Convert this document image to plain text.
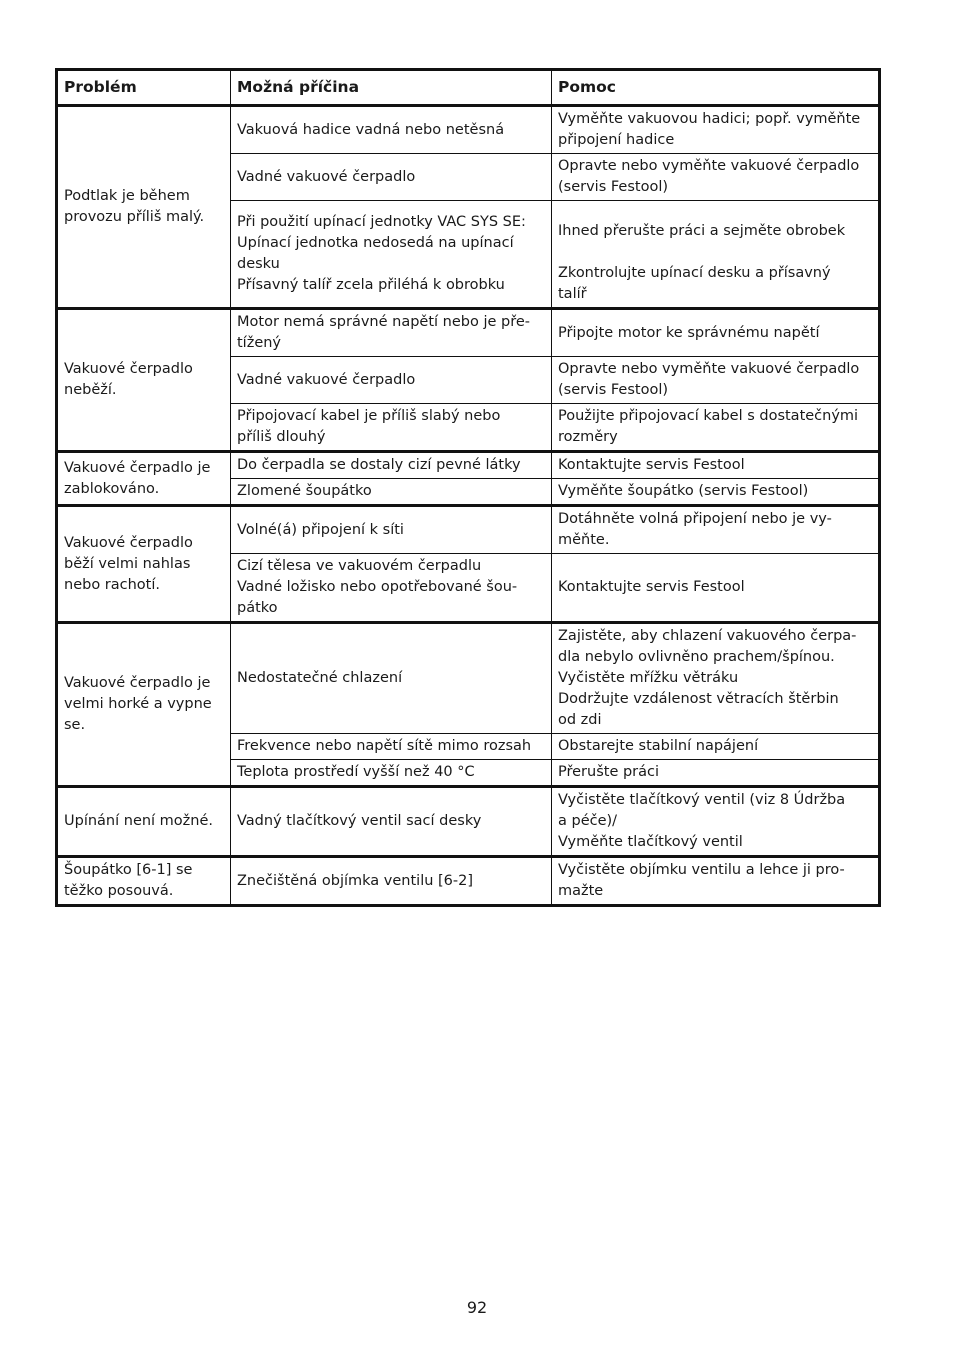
Problém	Možná příčina	Pomoc

Podtlak je během
provozu příliš malý.	Vakuová hadice vadná nebo netěsná	Vyměňte vakuovou hadici; popř. vyměňte
připojení hadice

	Vadné vakuové čerpadlo	Opravte nebo vyměňte vakuové čerpadlo
(servis Festool)

	Při použití upínací jednotky VAC SYS SE:
Upínací jednotka nedosedá na upínací
desku
Přísavný talíř zcela přiléhá k obrobku	Ihned přerušte práci a sejměte obrobek
Zkontrolujte upínací desku a přísavný
talíř

Vakuové čerpadlo
neběží.	Motor nemá správné napětí nebo je pře-
tížený	Připojte motor ke správnému napětí

	Vadné vakuové čerpadlo	Opravte nebo vyměňte vakuové čerpadlo
(servis Festool)

	Připojovací kabel je příliš slabý nebo
příliš dlouhý	Použijte připojovací kabel s dostatečnými
rozměry

Vakuové čerpadlo je
zablokováno.	Do čerpadla se dostaly cizí pevné látky	Kontaktujte servis Festool

	Zlomené šoupátko	Vyměňte šoupátko (servis Festool)

Vakuové čerpadlo
běží velmi nahlas
nebo rachotí.	Volné(á) připojení k síti	Dotáhněte volná připojení nebo je vy-
měňte.

	Cizí tělesa ve vakuovém čerpadlu
Vadné ložisko nebo opotřebované šou-
pátko	Kontaktujte servis Festool

Vakuové čerpadlo je
velmi horké a vypne
se.	Nedostatečné chlazení	Zajistěte, aby chlazení vakuového čerpa-
dla nebylo ovlivněno prachem/špínou.
Vyčistěte mřížku větráku
Dodržujte vzdálenost větracích štěrbin
od zdi

	Frekvence nebo napětí sítě mimo rozsah	Obstarejte stabilní napájení

	Teplota prostředí vyšší než 40 °C	Přerušte práci

Upínání není možné.	Vadný tlačítkový ventil sací desky	Vyčistěte tlačítkový ventil (viz 8 Údržba
a péče)/
Vyměňte tlačítkový ventil

Šoupátko [6-1] se
těžko posouvá.	Znečištěná objímka ventilu [6-2]	Vyčistěte objímku ventilu a lehce ji pro-
mažte
92
